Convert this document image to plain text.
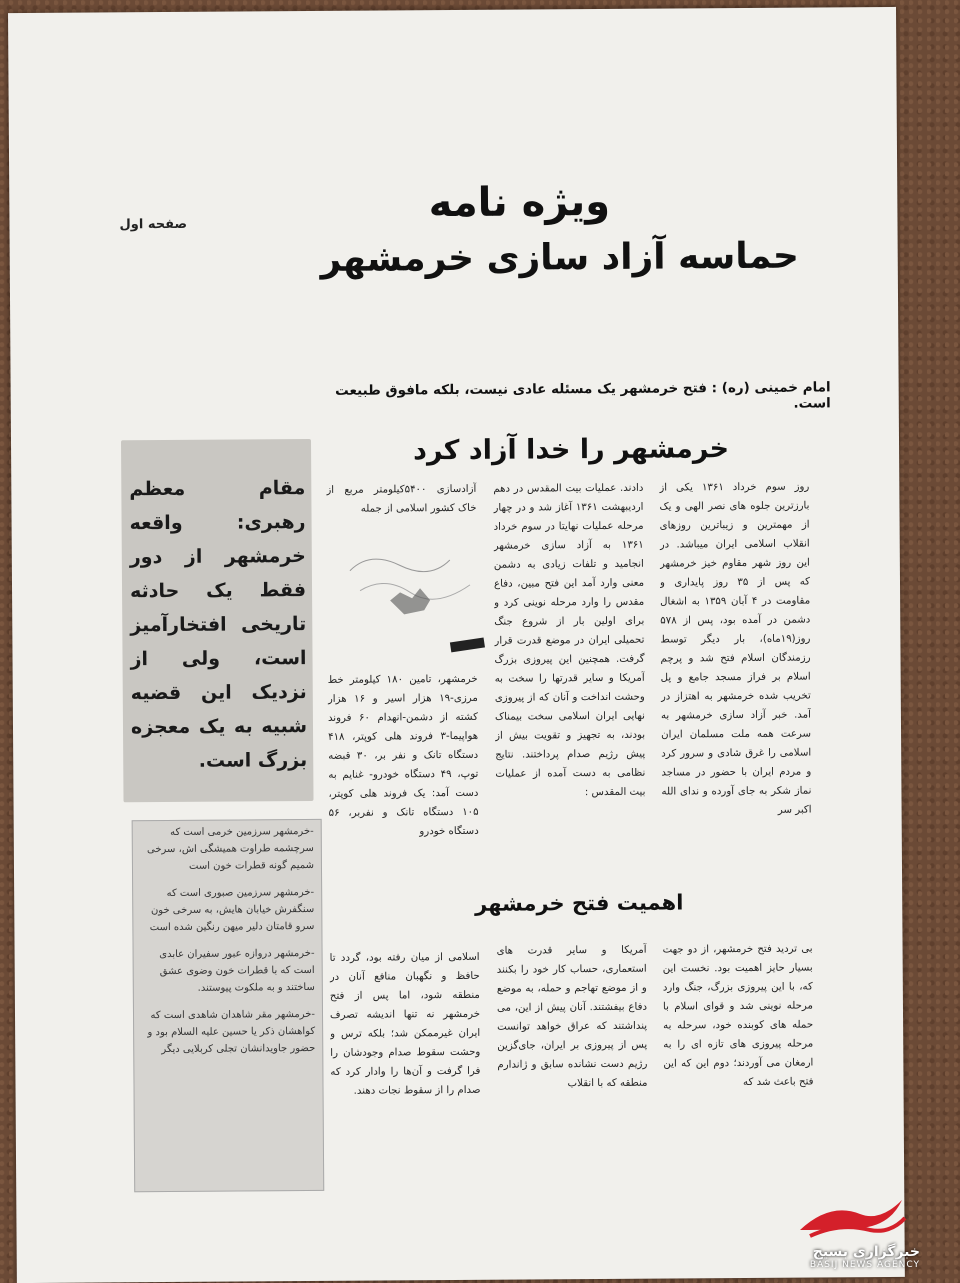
ویژه نامه
حماسه آزاد سازی خرمشهر
صفحه اول
امام خمینی (ره) : فتح خرمشهر یک مسئله عادی نیست، بلکه مافوق طبیعت است.
خرمشهر را خدا آزاد کرد
روز سوم خرداد ۱۳۶۱ یکی از بارزترین جلوه های نصر الهی و یک از مهمترین و زیباترین روزهای انقلاب اسلامی ایران میباشد. در این روز شهر مقاوم خیز خرمشهر که پس از ۳۵ روز پایداری و مقاومت در ۴ آبان ۱۳۵۹ به اشغال دشمن در آمده بود، پس از ۵۷۸ روز(۱۹ماه)، بار دیگر توسط رزمندگان اسلام فتح شد و پرچم اسلام بر فراز مسجد جامع و پل تخریب شده خرمشهر به اهتزاز در آمد. خبر آزاد سازی خرمشهر به سرعت همه ملت مسلمان ایران اسلامی را غرق شادی و سرور کرد و مردم ایران با حضور در مساجد نماز شکر به جای آورده و ندای الله اکبر سر
دادند. عملیات بیت المقدس در دهم اردیبهشت ۱۳۶۱ آغاز شد و در چهار مرحله عملیات نهایتا در سوم خرداد ۱۳۶۱ به آزاد سازی خرمشهر انجامید و تلفات زیادی به دشمن معنی وارد آمد این فتح مبین، دفاع مقدس را وارد مرحله نوینی کرد و برای اولین بار از شروع جنگ تحمیلی ایران در موضع قدرت قرار گرفت. همچنین این پیروزی بزرگ آمریکا و سایر قدرتها را سخت به وحشت انداخت و آنان که از پیروزی نهایی ایران اسلامی سخت بیمناک بودند، به تجهیز و تقویت بیش از پیش رژیم صدام پرداختند. نتایج نظامی به دست آمده از عملیات بیت المقدس :
آزادسازی ۵۴۰۰کیلومتر مربع از خاک کشور اسلامی از جمله
خرمشهر، تامین ۱۸۰ کیلومتر خط مرزی-۱۹ هزار اسیر و ۱۶ هزار کشته از دشمن-انهدام ۶۰ فروند هواپیما-۳ فروند هلی کوپتر، ۴۱۸ دستگاه تانک و نفر بر، ۳۰ قبضه توپ، ۴۹ دستگاه خودرو- غنایم به دست آمد: یک فروند هلی کوپتر، ۱۰۵ دستگاه تانک و نفربر، ۵۶ دستگاه خودرو
اهمیت فتح خرمشهر
بی تردید فتح خرمشهر، از دو جهت بسیار حایز اهمیت بود. نخست این که، با این پیروزی بزرگ، جنگ وارد مرحله نوینی شد و قوای اسلام با حمله های کوبنده خود، سرحله به مرحله پیروزی های تازه ای را به ارمغان می آوردند؛ دوم این که این فتح باعث شد که
آمریکا و سایر قدرت های استعماری، حساب کار خود را بکنند و از موضع تهاجم و حمله، به موضع دفاع بیفشتند. آنان پیش از این، می پنداشتند که عراق خواهد توانست پس از پیروزی بر ایران، جای‌گزین رژیم دست نشانده سابق و ژاندارم منطقه که با انقلاب
اسلامی از میان رفته بود، گردد تا حافظ و نگهبان منافع آنان در منطقه شود، اما پس از فتح خرمشهر نه تنها اندیشه تصرف ایران غیرممکن شد؛ بلکه ترس و وحشت سقوط صدام وجودشان را فرا گرفت و آن‌ها را وادار کرد که صدام را از سقوط نجات دهند.
مقام معظم رهبری: واقعه خرمشهر از دور فقط یک حادثه تاریخی افتخارآمیز است، ولی از نزدیک این قضیه شبیه به یک معجزه بزرگ است.

-خرمشهر سرزمین خرمی است که سرچشمه طراوت همیشگی اش، سرخی شمیم گونه قطرات خون است

-خرمشهر سرزمین صبوری است که سنگفرش خیابان هایش، به سرخی خون سرو قامتان دلیر میهن رنگین شده است

-خرمشهر دروازه عبور سفیران عابدی است که با قطرات خون وضوی عشق ساختند و به ملکوت پیوستند.

-خرمشهر مقر شاهدان شاهدی است که کواهشان ذکر یا حسین علیه السلام بود و حضور جاویدانشان تجلی کربلایی دیگر

خبرگزاری بسیج
BASIJ NEWS AGENCY
